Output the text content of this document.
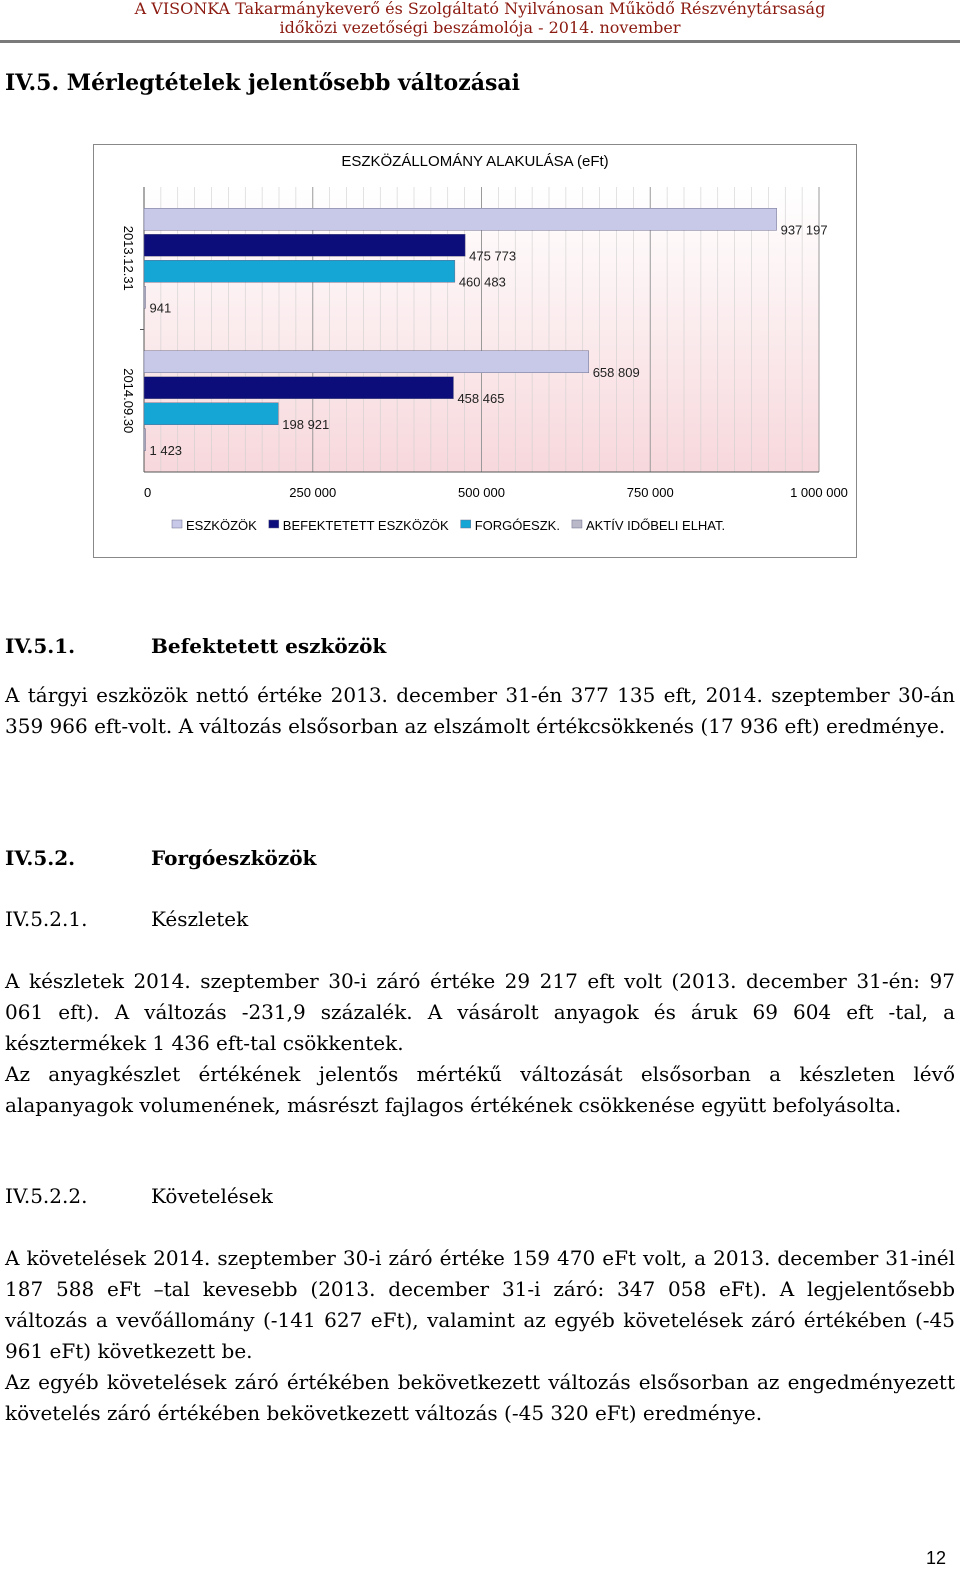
A VISONKA Takarmánykeverő és Szolgáltató Nyilvánosan Működő Részvénytársaság
időközi vezetőségi beszámolója - 2014. november
IV.5. Mérlegtételek jelentősebb változásai
937 197
475 773
460 483
941
658 809
458 465
198 921
1 423
0	250 000	500 000	750 000	1 000 000
2013.12.31
2014.09.30
ESZKÖZÖK BEFEKTETETT ESZKÖZÖK FORGÓESZK. AKTÍV IDŐBELI ELHAT.
ESZKÖZÁLLOMÁNY ALAKULÁSA (eFt)
IV.5.1.	Befektetett eszközök
A tárgyi eszközök nettó értéke 2013. december 31-én 377 135 eft, 2014. szeptember 30-án 359 966 eft-volt. A változás elsősorban az elszámolt értékcsökkenés (17 936 eft) eredménye.
IV.5.2.	Forgóeszközök
IV.5.2.1.	Készletek
A készletek 2014. szeptember 30-i záró értéke 29 217 eft volt (2013. december 31-én: 97 061 eft). A változás -231,9 százalék. A vásárolt anyagok és áruk 69 604 eft -tal, a késztermékek 1 436 eft-tal csökkentek.
Az anyagkészlet értékének jelentős mértékű változását elsősorban a készleten lévő alapanyagok volumenének, másrészt fajlagos értékének csökkenése együtt befolyásolta.
IV.5.2.2.	Követelések
A követelések 2014. szeptember 30-i záró értéke 159 470 eFt volt, a 2013. december 31-inél 187 588 eFt –tal kevesebb (2013. december 31-i záró: 347 058 eFt). A legjelentősebb változás a vevőállomány (-141 627 eFt), valamint az egyéb követelések záró értékében (-45 961 eFt) következett be.
Az egyéb követelések záró értékében bekövetkezett változás elsősorban az engedményezett követelés záró értékében bekövetkezett változás (-45 320 eFt) eredménye.
12
